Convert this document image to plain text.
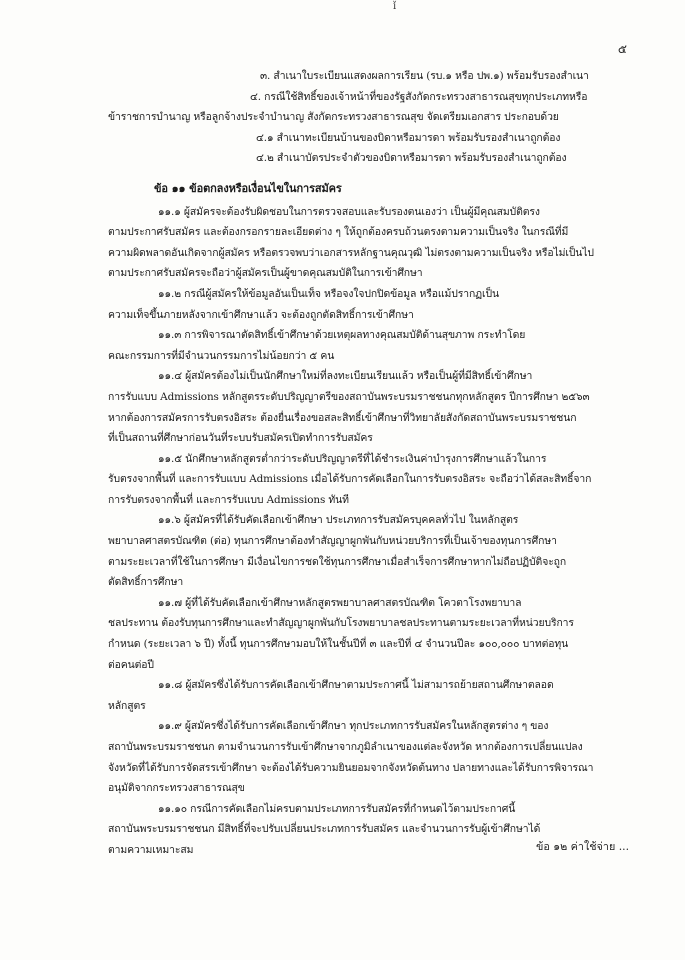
ǐ
๕
๓. สำเนาใบระเบียนแสดงผลการเรียน (รบ.๑ หรือ ปพ.๑) พร้อมรับรองสำเนา
๔. กรณีใช้สิทธิ์ของเจ้าหน้าที่ของรัฐสังกัดกระทรวงสาธารณสุขทุกประเภทหรือ
ข้าราชการบำนาญ หรือลูกจ้างประจำบำนาญ สังกัดกระทรวงสาธารณสุข จัดเตรียมเอกสาร ประกอบด้วย
๔.๑ สำเนาทะเบียนบ้านของบิดาหรือมารดา พร้อมรับรองสำเนาถูกต้อง
๔.๒ สำเนาบัตรประจำตัวของบิดาหรือมารดา พร้อมรับรองสำเนาถูกต้อง
ข้อ ๑๑ ข้อตกลงหรือเงื่อนไขในการสมัคร
๑๑.๑ ผู้สมัครจะต้องรับผิดชอบในการตรวจสอบและรับรองตนเองว่า เป็นผู้มีคุณสมบัติตรง
ตามประกาศรับสมัคร และต้องกรอกรายละเอียดต่าง ๆ ให้ถูกต้องครบถ้วนตรงตามความเป็นจริง ในกรณีที่มี
ความผิดพลาดอันเกิดจากผู้สมัคร หรือตรวจพบว่าเอกสารหลักฐานคุณวุฒิ ไม่ตรงตามความเป็นจริง หรือไม่เป็นไป
ตามประกาศรับสมัครจะถือว่าผู้สมัครเป็นผู้ขาดคุณสมบัติในการเข้าศึกษา
๑๑.๒ กรณีผู้สมัครให้ข้อมูลอันเป็นเท็จ หรือจงใจปกปิดข้อมูล หรือแม้ปรากฏเป็น
ความเท็จขึ้นภายหลังจากเข้าศึกษาแล้ว จะต้องถูกตัดสิทธิ์การเข้าศึกษา
๑๑.๓ การพิจารณาตัดสิทธิ์เข้าศึกษาด้วยเหตุผลทางคุณสมบัติด้านสุขภาพ กระทำโดย
คณะกรรมการที่มีจำนวนกรรมการไม่น้อยกว่า ๕ คน
๑๑.๔ ผู้สมัครต้องไม่เป็นนักศึกษาใหม่ที่ลงทะเบียนเรียนแล้ว หรือเป็นผู้ที่มีสิทธิ์เข้าศึกษา
การรับแบบ Admissions หลักสูตรระดับปริญญาตรีของสถาบันพระบรมราชชนกทุกหลักสูตร ปีการศึกษา ๒๕๖๓
หากต้องการสมัครการรับตรงอิสระ ต้องยื่นเรื่องขอสละสิทธิ์เข้าศึกษาที่วิทยาลัยสังกัดสถาบันพระบรมราชชนก
ที่เป็นสถานที่ศึกษาก่อนวันที่ระบบรับสมัครเปิดทำการรับสมัคร
๑๑.๕ นักศึกษาหลักสูตรต่ำกว่าระดับปริญญาตรีที่ได้ชำระเงินค่าบำรุงการศึกษาแล้วในการ
รับตรงจากพื้นที่ และการรับแบบ Admissions เมื่อได้รับการคัดเลือกในการรับตรงอิสระ จะถือว่าได้สละสิทธิ์จาก
การรับตรงจากพื้นที่ และการรับแบบ Admissions ทันที
๑๑.๖ ผู้สมัครที่ได้รับคัดเลือกเข้าศึกษา ประเภทการรับสมัครบุคคลทั่วไป ในหลักสูตร
พยาบาลศาสตรบัณฑิต (ต่อ) ทุนการศึกษาต้องทำสัญญาผูกพันกับหน่วยบริการที่เป็นเจ้าของทุนการศึกษา
ตามระยะเวลาที่ใช้ในการศึกษา มีเงื่อนไขการชดใช้ทุนการศึกษาเมื่อสำเร็จการศึกษาหากไม่ถือปฏิบัติจะถูก
ตัดสิทธิ์การศึกษา
๑๑.๗ ผู้ที่ได้รับคัดเลือกเข้าศึกษาหลักสูตรพยาบาลศาสตรบัณฑิต โควตาโรงพยาบาล
ชลประทาน ต้องรับทุนการศึกษาและทำสัญญาผูกพันกับโรงพยาบาลชลประทานตามระยะเวลาที่หน่วยบริการ
กำหนด (ระยะเวลา ๖ ปี) ทั้งนี้ ทุนการศึกษามอบให้ในชั้นปีที่ ๓ และปีที่ ๔ จำนวนปีละ ๑๐๐,๐๐๐ บาทต่อทุน
ต่อคนต่อปี
๑๑.๘ ผู้สมัครซึ่งได้รับการคัดเลือกเข้าศึกษาตามประกาศนี้ ไม่สามารถย้ายสถานศึกษาตลอด
หลักสูตร
๑๑.๙ ผู้สมัครซึ่งได้รับการคัดเลือกเข้าศึกษา ทุกประเภทการรับสมัครในหลักสูตรต่าง ๆ ของ
สถาบันพระบรมราชชนก ตามจำนวนการรับเข้าศึกษาจากภูมิลำเนาของแต่ละจังหวัด หากต้องการเปลี่ยนแปลง
จังหวัดที่ได้รับการจัดสรรเข้าศึกษา จะต้องได้รับความยินยอมจากจังหวัดต้นทาง ปลายทางและได้รับการพิจารณา
อนุมัติจากกระทรวงสาธารณสุข
๑๑.๑๐ กรณีการคัดเลือกไม่ครบตามประเภทการรับสมัครที่กำหนดไว้ตามประกาศนี้
สถาบันพระบรมราชชนก มีสิทธิ์ที่จะปรับเปลี่ยนประเภทการรับสมัคร และจำนวนการรับผู้เข้าศึกษาได้
ตามความเหมาะสม	ข้อ ๑๒ ค่าใช้จ่าย ...
